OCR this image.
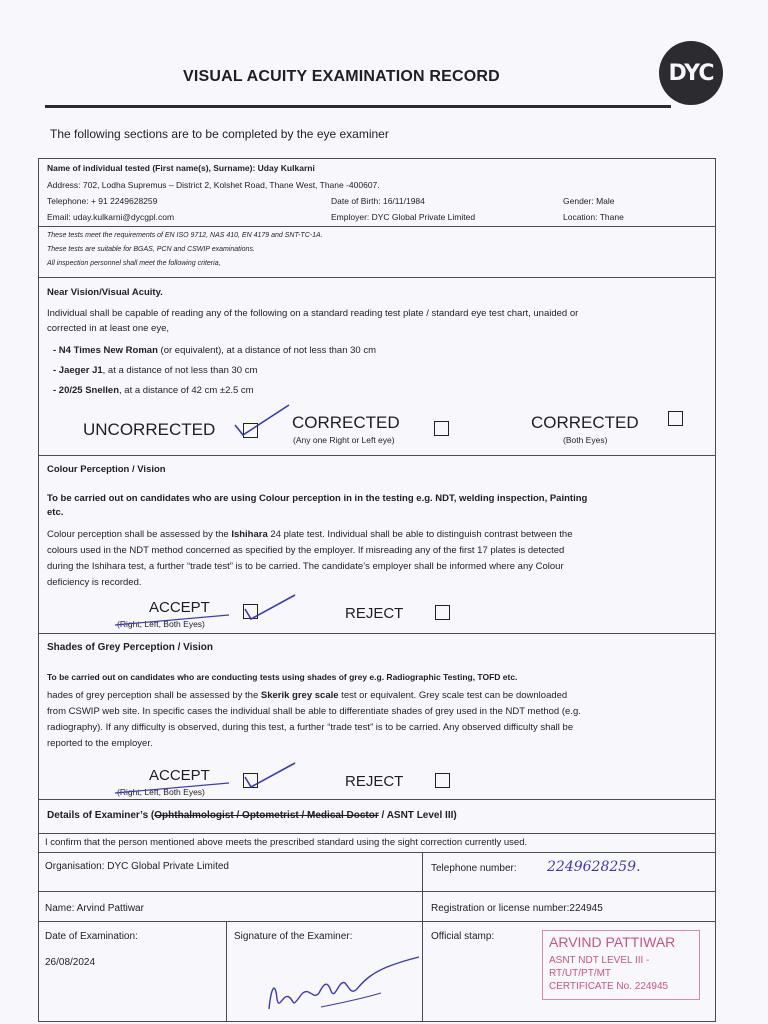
VISUAL ACUITY EXAMINATION RECORD	DYC
The following sections are to be completed by the eye examiner
Name of individual tested (First name(s), Surname): Uday Kulkarni
Address: 702, Lodha Supremus – District 2, Kolshet Road, Thane West, Thane -400607.
Telephone: + 91 2249628259	Date of Birth: 16/11/1984	Gender: Male
Email: uday.kulkarni@dycgpl.com	Employer: DYC Global Private Limited	Location: Thane
These tests meet the requirements of EN ISO 9712, NAS 410, EN 4179 and SNT-TC-1A.
These tests are suitable for BGAS, PCN and CSWIP examinations.
All inspection personnel shall meet the following criteria,
Near Vision/Visual Acuity.
Individual shall be capable of reading any of the following on a standard reading test plate / standard eye test chart, unaided or
corrected in at least one eye,
- N4 Times New Roman (or equivalent), at a distance of not less than 30 cm
- Jaeger J1, at a distance of not less than 30 cm
- 20/25 Snellen, at a distance of 42 cm ±2.5 cm
UNCORRECTED	CORRECTED
(Any one Right or Left eye)
CORRECTED
(Both Eyes)
Colour Perception / Vision
To be carried out on candidates who are using Colour perception in in the testing e.g. NDT, welding inspection, Painting
etc.
Colour perception shall be assessed by the Ishihara 24 plate test. Individual shall be able to distinguish contrast between the
colours used in the NDT method concerned as specified by the employer. If misreading any of the first 17 plates is detected
during the Ishihara test, a further “trade test” is to be carried. The candidate’s employer shall be informed where any Colour
deficiency is recorded.
ACCEPT
(Right, Left, Both Eyes)
REJECT
Shades of Grey Perception / Vision
To be carried out on candidates who are conducting tests using shades of grey e.g. Radiographic Testing, TOFD etc.
hades of grey perception shall be assessed by the Skerik grey scale test or equivalent. Grey scale test can be downloaded
from CSWIP web site. In specific cases the individual shall be able to differentiate shades of grey used in the NDT method (e.g.
radiography). If any difficulty is observed, during this test, a further “trade test” is to be carried. Any observed difficulty shall be
reported to the employer.
ACCEPT
(Right, Left, Both Eyes)
REJECT
Details of Examiner’s (Ophthalmologist / Optometrist / Medical Doctor / ASNT Level III)
I confirm that the person mentioned above meets the prescribed standard using the sight correction currently used.
Organisation: DYC Global Private Limited	Telephone number: 2249628259.
Name: Arvind Pattiwar	Registration or license number:224945
Date of Examination:
26/08/2024
Signature of the Examiner:	Official stamp:	ARVIND PATTIWAR
ASNT NDT LEVEL III -
RT/UT/PT/MT
CERTIFICATE No. 224945
